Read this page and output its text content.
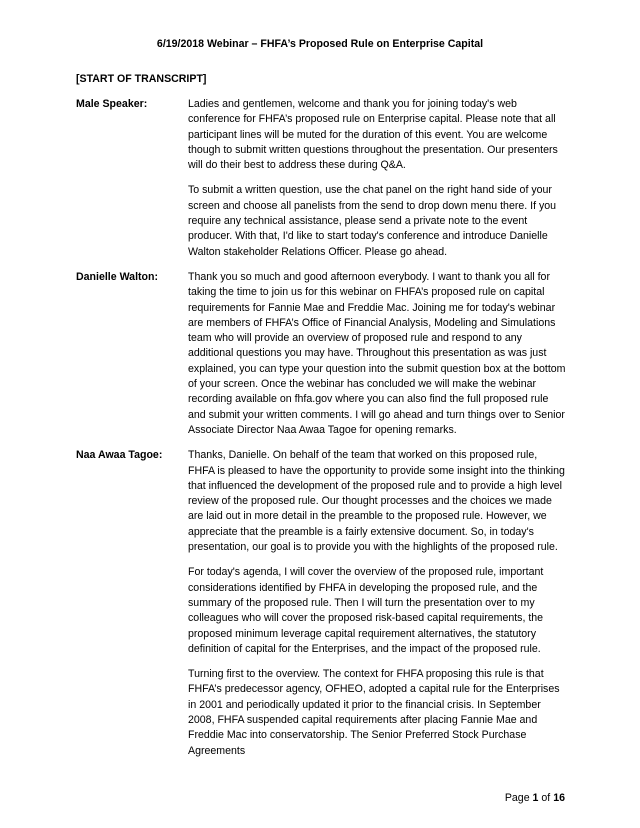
6/19/2018 Webinar – FHFA’s Proposed Rule on Enterprise Capital
[START OF TRANSCRIPT]
Male Speaker:	Ladies and gentlemen, welcome and thank you for joining today's web conference for FHFA’s proposed rule on Enterprise capital. Please note that all participant lines will be muted for the duration of this event. You are welcome though to submit written questions throughout the presentation. Our presenters will do their best to address these during Q&A.

To submit a written question, use the chat panel on the right hand side of your screen and choose all panelists from the send to drop down menu there. If you require any technical assistance, please send a private note to the event producer. With that, I'd like to start today's conference and introduce Danielle Walton stakeholder Relations Officer. Please go ahead.

Danielle Walton:	Thank you so much and good afternoon everybody. I want to thank you all for taking the time to join us for this webinar on FHFA’s proposed rule on capital requirements for Fannie Mae and Freddie Mac. Joining me for today's webinar are members of FHFA’s Office of Financial Analysis, Modeling and Simulations team who will provide an overview of proposed rule and respond to any additional questions you may have. Throughout this presentation as was just explained, you can type your question into the submit question box at the bottom of your screen. Once the webinar has concluded we will make the webinar recording available on fhfa.gov where you can also find the full proposed rule and submit your written comments. I will go ahead and turn things over to Senior Associate Director Naa Awaa Tagoe for opening remarks.

Naa Awaa Tagoe: Thanks, Danielle. On behalf of the team that worked on this proposed rule, FHFA is pleased to have the opportunity to provide some insight into the thinking that influenced the development of the proposed rule and to provide a high level review of the proposed rule. Our thought processes and the choices we made are laid out in more detail in the preamble to the proposed rule. However, we appreciate that the preamble is a fairly extensive document. So, in today's presentation, our goal is to provide you with the highlights of the proposed rule.

For today's agenda, I will cover the overview of the proposed rule, important considerations identified by FHFA in developing the proposed rule, and the summary of the proposed rule. Then I will turn the presentation over to my colleagues who will cover the proposed risk-based capital requirements, the proposed minimum leverage capital requirement alternatives, the statutory definition of capital for the Enterprises, and the impact of the proposed rule.

Turning first to the overview. The context for FHFA proposing this rule is that FHFA’s predecessor agency, OFHEO, adopted a capital rule for the Enterprises in 2001 and periodically updated it prior to the financial crisis. In September 2008, FHFA suspended capital requirements after placing Fannie Mae and Freddie Mac into conservatorship. The Senior Preferred Stock Purchase Agreements

Page 1 of 16
